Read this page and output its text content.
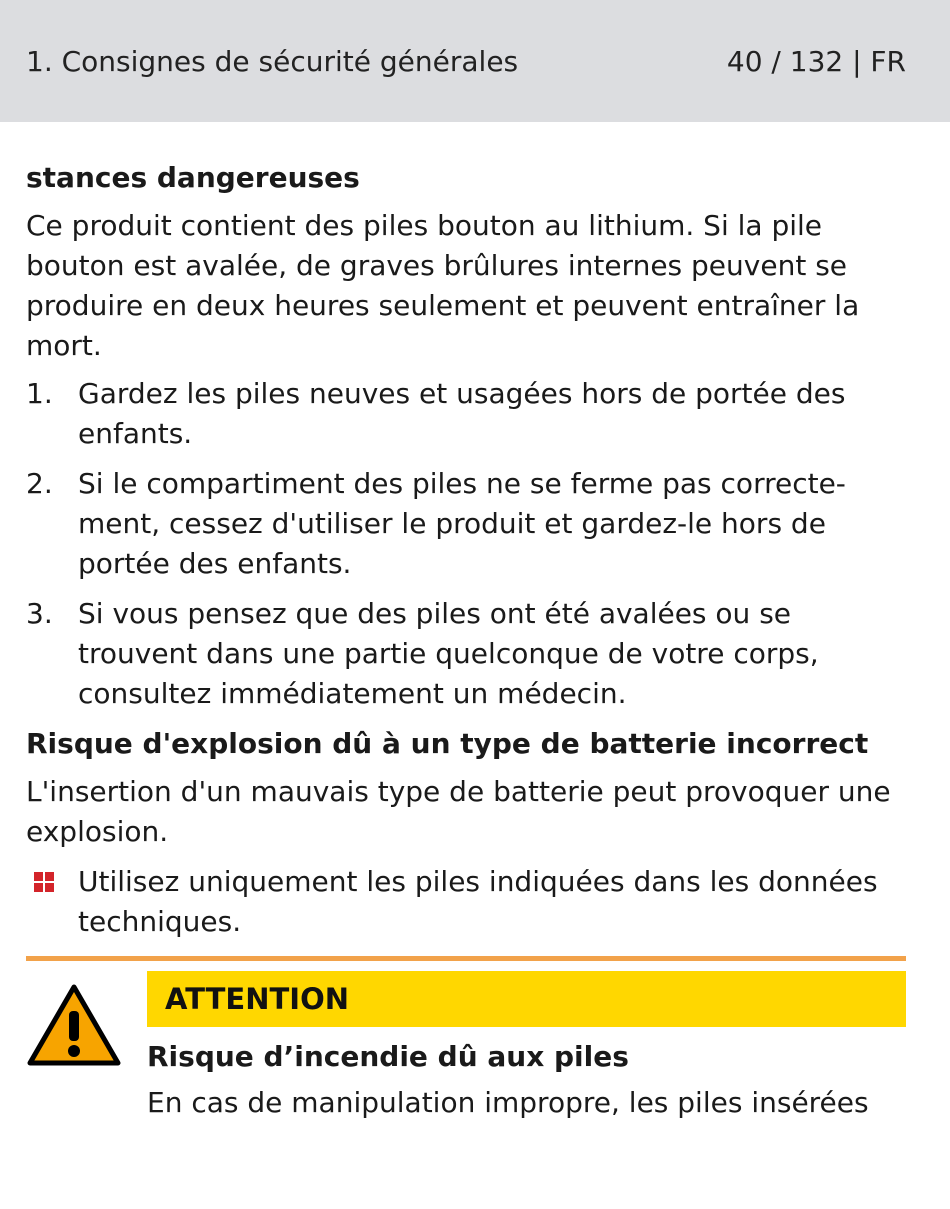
1. Consignes de sécurité générales	40 / 132 | FR

stances dangereuses

Ce produit contient des piles bouton au lithium. Si la pile bouton est avalée, de graves brûlures internes peuvent se produire en deux heures seulement et peuvent entraîner la mort.

1. Gardez les piles neuves et usagées hors de portée des enfants.
2. Si le compartiment des piles ne se ferme pas correcte-ment, cessez d'utiliser le produit et gardez-le hors de portée des enfants.
3. Si vous pensez que des piles ont été avalées ou se trouvent dans une partie quelconque de votre corps, consultez immédiatement un médecin.

Risque d'explosion dû à un type de batterie incorrect

L'insertion d'un mauvais type de batterie peut provoquer une explosion.

Utilisez uniquement les piles indiquées dans les données techniques.
ATTENTION
Risque d’incendie dû aux piles
En cas de manipulation impropre, les piles insérées
